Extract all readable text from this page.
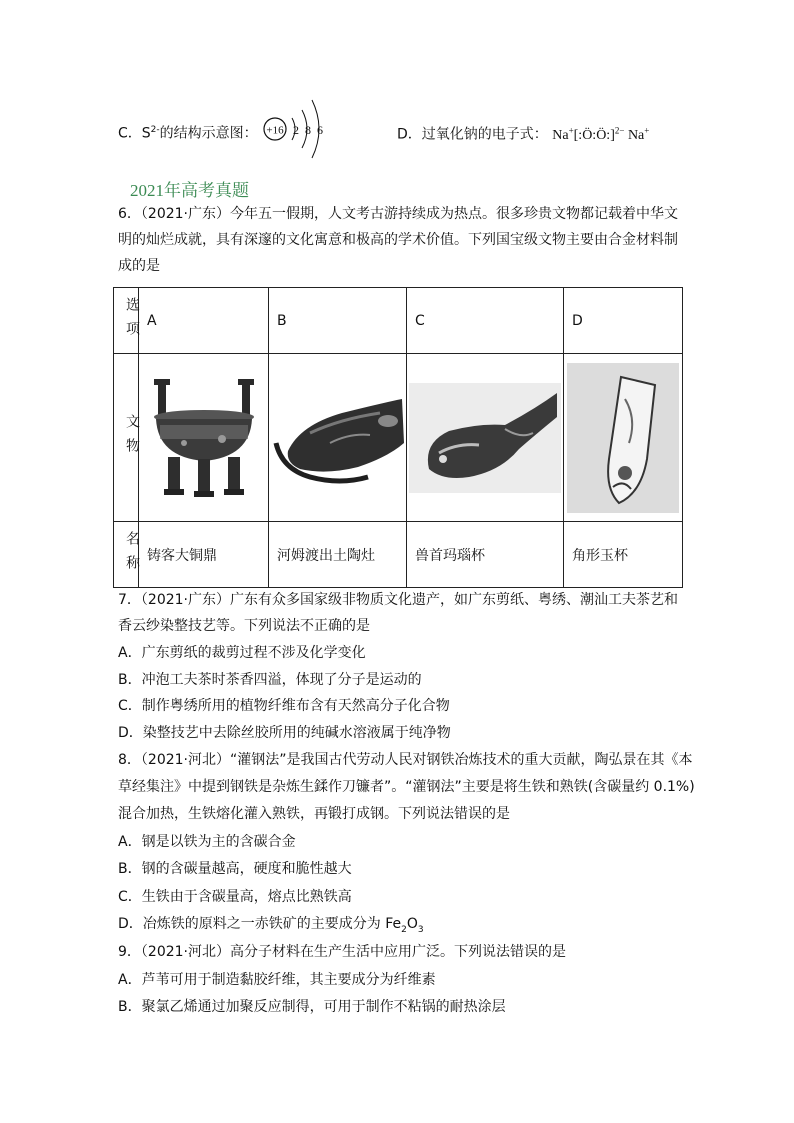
C．$S^{2-}$的结构示意图： +16 2 8 6	D．过氧化钠的电子式： Na+[:Ö:Ö:]$^{2-}$ Na+
2021年高考真题
6．（2021·广东）今年五一假期，人文考古游持续成为热点。很多珍贵文物都记载着中华文
明的灿烂成就，具有深邃的文化寓意和极高的学术价值。下列国宝级文物主要由合金材料制
成的是
选项	A	B	C	D

文物

名称	铸客大铜鼎	河姆渡出土陶灶	兽首玛瑙杯	角形玉杯
7．（2021·广东）广东有众多国家级非物质文化遗产，如广东剪纸、粤绣、潮汕工夫茶艺和
香云纱染整技艺等。下列说法不正确的是
A．广东剪纸的裁剪过程不涉及化学变化
B．冲泡工夫茶时茶香四溢，体现了分子是运动的
C．制作粤绣所用的植物纤维布含有天然高分子化合物
D．染整技艺中去除丝胶所用的纯碱水溶液属于纯净物
8．（2021·河北）“灌钢法”是我国古代劳动人民对钢铁冶炼技术的重大贡献，陶弘景在其《本
草经集注》中提到钢铁是杂炼生鍒作刀镰者”。“灌钢法”主要是将生铁和熟铁(含碳量约 0.1%)
混合加热，生铁熔化灌入熟铁，再锻打成钢。下列说法错误的是
A．钢是以铁为主的含碳合金
B．钢的含碳量越高，硬度和脆性越大
C．生铁由于含碳量高，熔点比熟铁高
D．冶炼铁的原料之一赤铁矿的主要成分为 $Fe_2O_3$
9．（2021·河北）高分子材料在生产生活中应用广泛。下列说法错误的是
A．芦苇可用于制造黏胶纤维，其主要成分为纤维素
B．聚氯乙烯通过加聚反应制得，可用于制作不粘锅的耐热涂层
